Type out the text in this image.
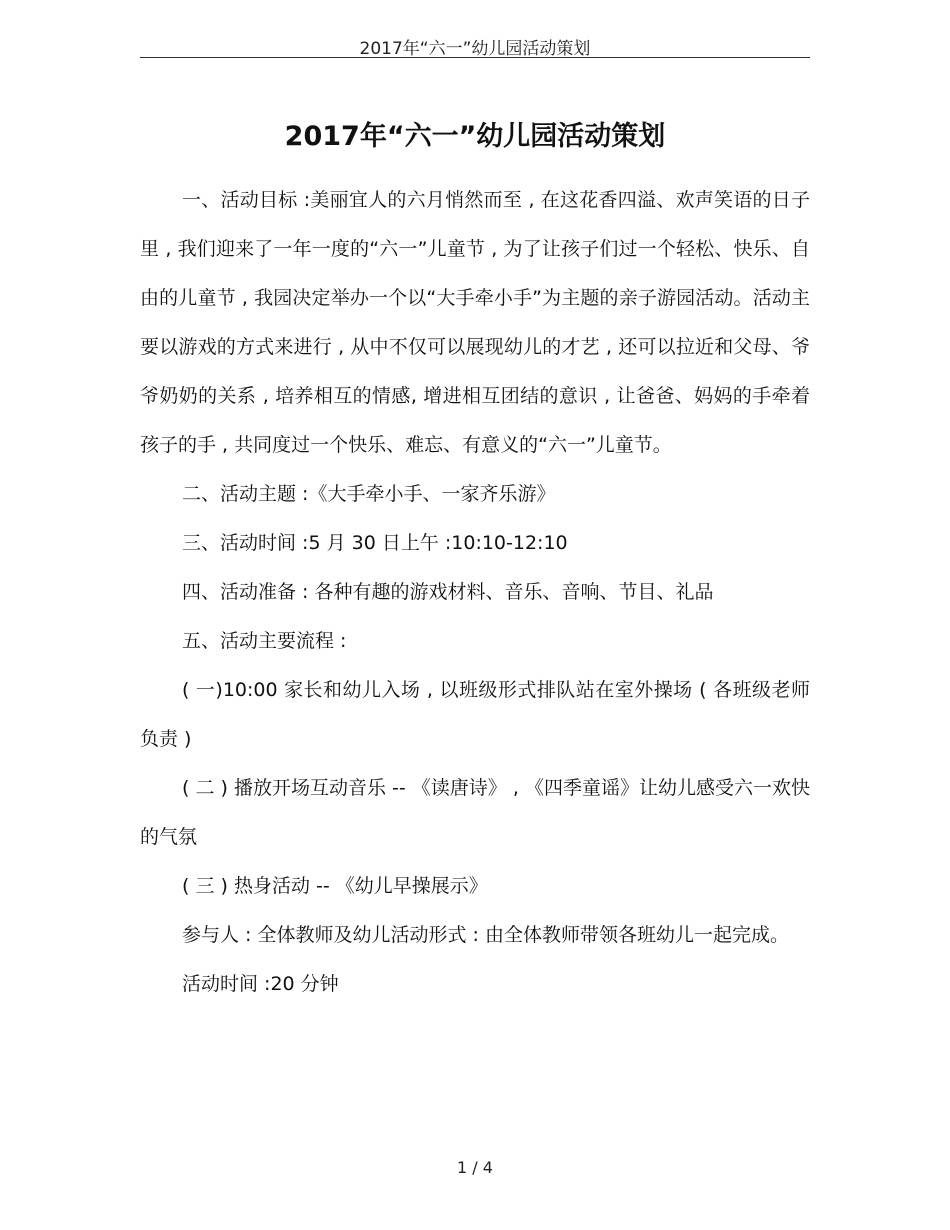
2017年“六一”幼儿园活动策划
2017年“六一”幼儿园活动策划

一、活动目标 :美丽宜人的六月悄然而至 , 在这花香四溢、欢声笑语的日子里 , 我们迎来了一年一度的“六一”儿童节 , 为了让孩子们过一个轻松、快乐、自由的儿童节 , 我园决定举办一个以“大手牵小手”为主题的亲子游园活动。活动主要以游戏的方式来进行 , 从中不仅可以展现幼儿的才艺 , 还可以拉近和父母、爷爷奶奶的关系 , 培养相互的情感, 增进相互团结的意识 , 让爸爸、妈妈的手牵着孩子的手 , 共同度过一个快乐、难忘、有意义的“六一”儿童节。

二、活动主题 :《大手牵小手、一家齐乐游》

三、活动时间 :5 月 30 日上午 :10:10-12:10

四、活动准备 : 各种有趣的游戏材料、音乐、音响、节目、礼品

五、活动主要流程 :

( 一)10:00 家长和幼儿入场 , 以班级形式排队站在室外操场 ( 各班级老师负责 )

( 二 ) 播放开场互动音乐 -- 《读唐诗》 , 《四季童谣》让幼儿感受六一欢快的气氛

( 三 ) 热身活动 -- 《幼儿早操展示》

参与人 : 全体教师及幼儿活动形式 : 由全体教师带领各班幼儿一起完成。

活动时间 :20 分钟

1 / 4
